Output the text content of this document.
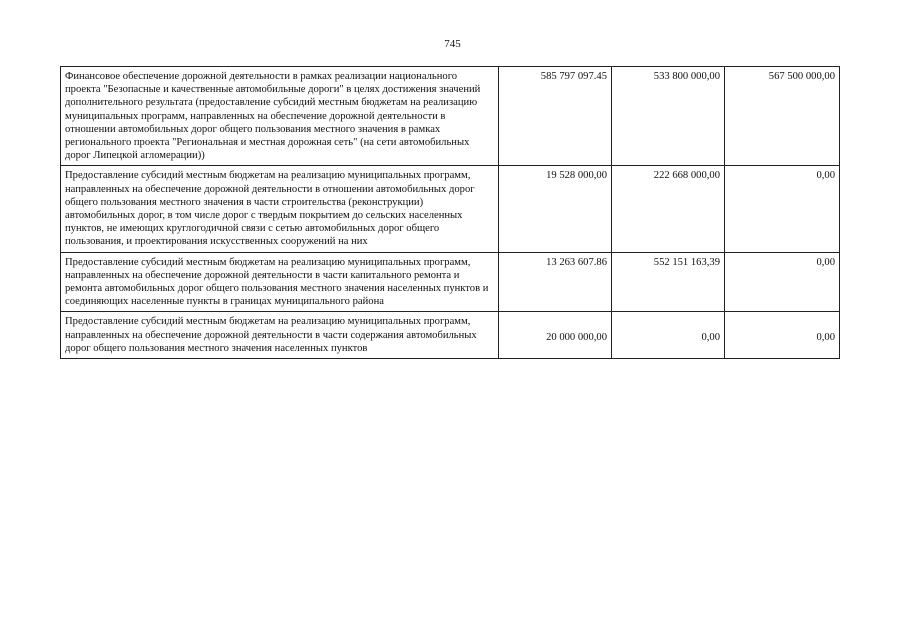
745
Финансовое обеспечение дорожной деятельности в рамках реализации национального проекта "Безопасные и качественные автомобильные дороги" в целях достижения значений дополнительного результата (предоставление субсидий местным бюджетам на реализацию муниципальных программ, направленных на обеспечение дорожной деятельности в отношении автомобильных дорог общего пользования местного значения в рамках регионального проекта "Региональная и местная дорожная сеть" (на сети автомобильных дорог Липецкой агломерации))	585 797 097.45	533 800 000,00	567 500 000,00
Предоставление субсидий местным бюджетам на реализацию муниципальных программ, направленных на обеспечение дорожной деятельности в отношении автомобильных дорог общего пользования местного значения в части строительства (реконструкции) автомобильных дорог, в том числе дорог с твердым покрытием до сельских населенных пунктов, не имеющих круглогодичной связи с сетью автомобильных дорог общего пользования, и проектирования искусственных сооружений на них	19 528 000,00	222 668 000,00	0,00
Предоставление субсидий местным бюджетам на реализацию муниципальных программ, направленных на обеспечение дорожной деятельности в части капитального ремонта и ремонта автомобильных дорог общего пользования местного значения населенных пунктов и соединяющих населенные пункты в границах муниципального района	13 263 607.86	552 151 163,39	0,00
Предоставление субсидий местным бюджетам на реализацию муниципальных программ, направленных на обеспечение дорожной деятельности в части содержания автомобильных дорог общего пользования местного значения населенных пунктов	20 000 000,00	0,00	0,00
